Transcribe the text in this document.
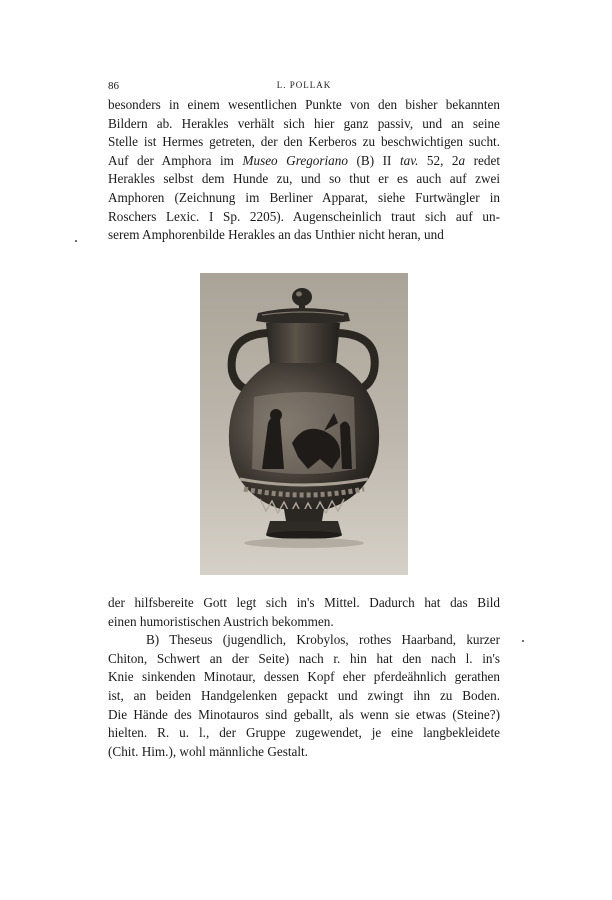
86	L. POLLAK
besonders in einem wesentlichen Punkte von den bisher bekannten
Bildern ab. Herakles verhält sich hier ganz passiv, und an seine
Stelle ist Hermes getreten, der den Kerberos zu beschwichtigen sucht.
Auf der Amphora im Museo Gregoriano (B) II tav. 52, 2a redet
Herakles selbst dem Hunde zu, und so thut er es auch auf zwei
Amphoren (Zeichnung im Berliner Apparat, siehe Furtwängler in
Roschers Lexic. I Sp. 2205). Augenscheinlich traut sich auf un-
serem Amphorenbilde Herakles an das Unthier nicht heran, und
der hilfsbereite Gott legt sich in's Mittel. Dadurch hat das Bild
einen humoristischen Austrich bekommen.
B) Theseus (jugendlich, Krobylos, rothes Haarband, kurzer
Chiton, Schwert an der Seite) nach r. hin hat den nach l. in's
Knie sinkenden Minotaur, dessen Kopf eher pferdeähnlich gerathen
ist, an beiden Handgelenken gepackt und zwingt ihn zu Boden.
Die Hände des Minotauros sind geballt, als wenn sie etwas (Steine?)
hielten. R. u. l., der Gruppe zugewendet, je eine langbekleidete
(Chit. Him.), wohl männliche Gestalt.
